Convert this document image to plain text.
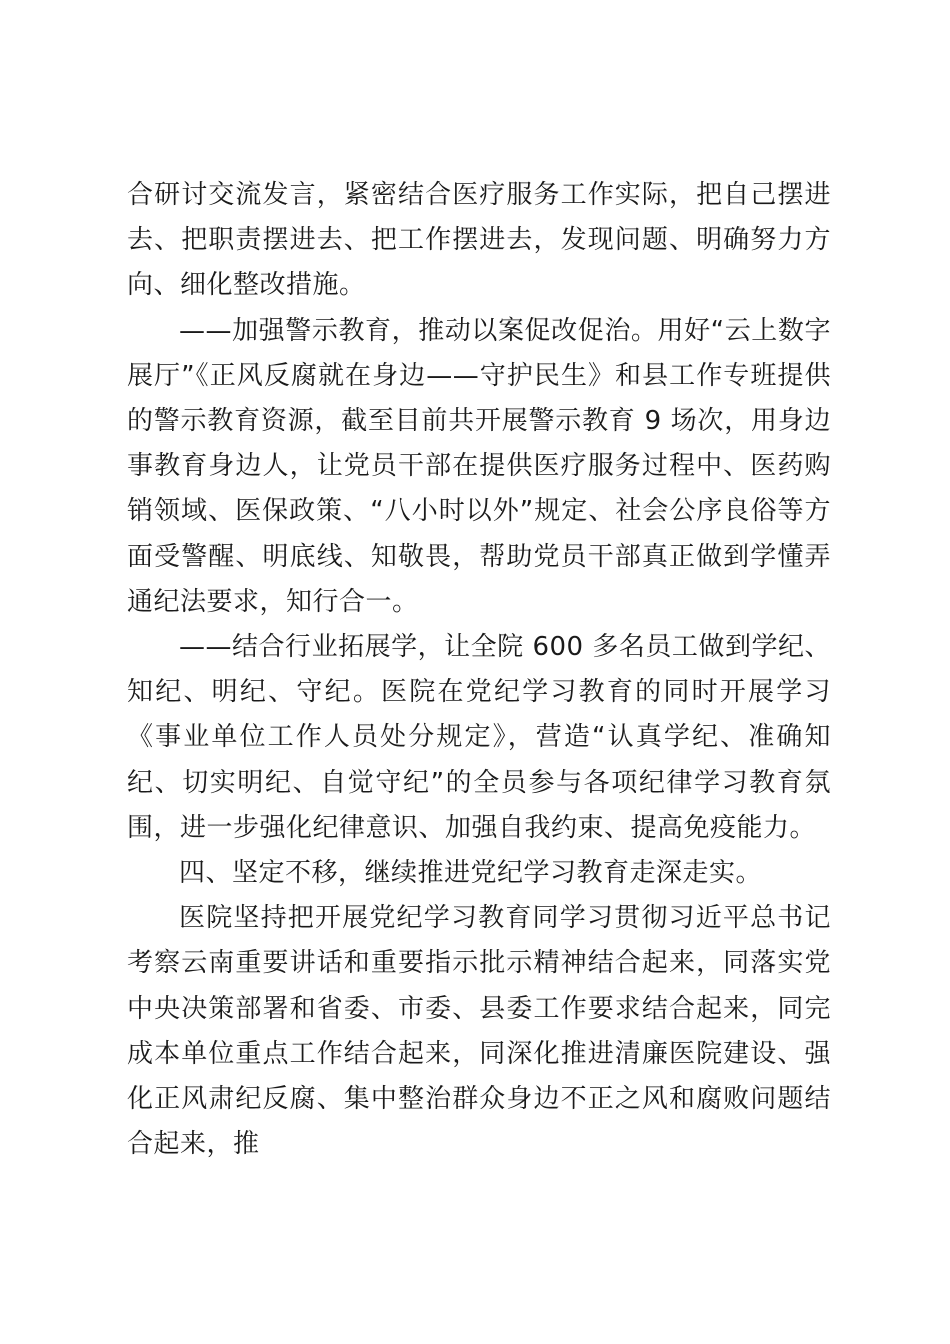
合研讨交流发言，紧密结合医疗服务工作实际，把自己摆进去、把职责摆进去、把工作摆进去，发现问题、明确努力方向、细化整改措施。

——加强警示教育，推动以案促改促治。用好“云上数字展厅”《正风反腐就在身边——守护民生》和县工作专班提供的警示教育资源，截至目前共开展警示教育 9 场次，用身边事教育身边人，让党员干部在提供医疗服务过程中、医药购销领域、医保政策、“八小时以外”规定、社会公序良俗等方面受警醒、明底线、知敬畏，帮助党员干部真正做到学懂弄通纪法要求，知行合一。

——结合行业拓展学，让全院 600 多名员工做到学纪、知纪、明纪、守纪。医院在党纪学习教育的同时开展学习《事业单位工作人员处分规定》，营造“认真学纪、准确知纪、切实明纪、自觉守纪”的全员参与各项纪律学习教育氛围，进一步强化纪律意识、加强自我约束、提高免疫能力。

四、坚定不移，继续推进党纪学习教育走深走实。

医院坚持把开展党纪学习教育同学习贯彻习近平总书记考察云南重要讲话和重要指示批示精神结合起来，同落实党中央决策部署和省委、市委、县委工作要求结合起来，同完成本单位重点工作结合起来，同深化推进清廉医院建设、强化正风肃纪反腐、集中整治群众身边不正之风和腐败问题结合起来，推
